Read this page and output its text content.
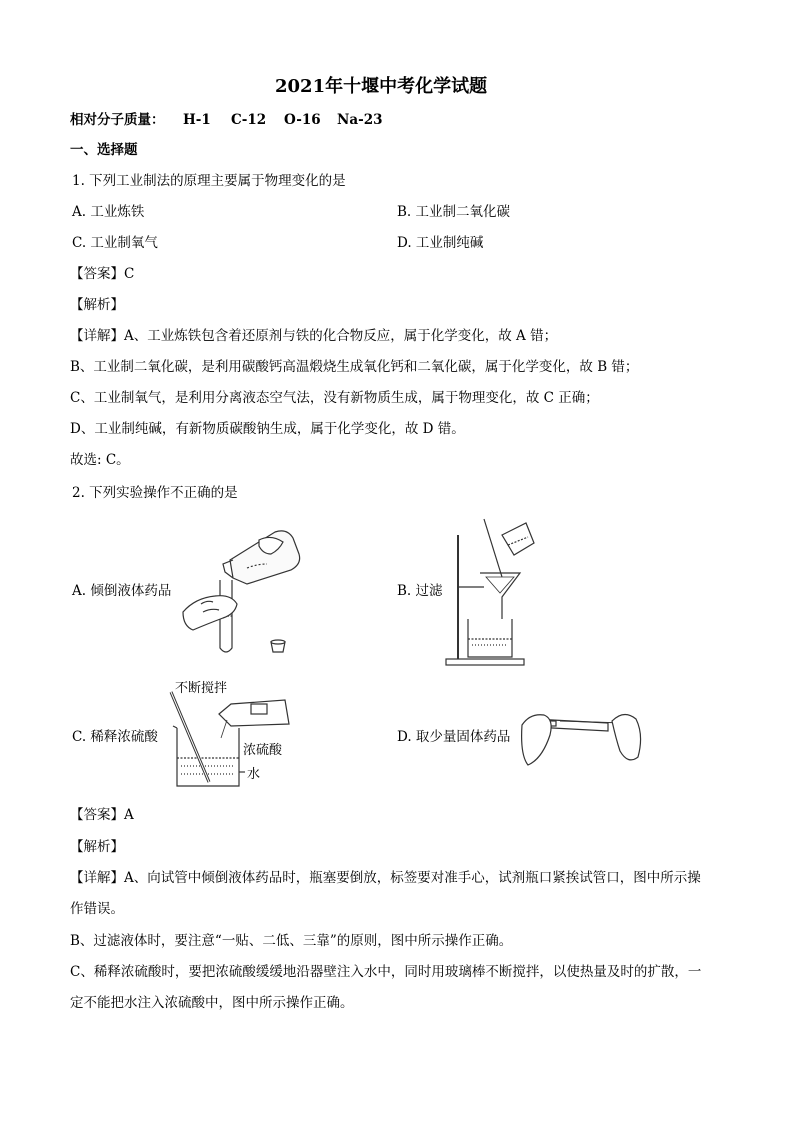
2021年十堰中考化学试题
相对分子质量： H-1 C-12 O-16 Na-23
一、选择题
1. 下列工业制法的原理主要属于物理变化的是
A. 工业炼铁	B. 工业制二氧化碳
C. 工业制氧气	D. 工业制纯碱
【答案】C
【解析】
【详解】A、工业炼铁包含着还原剂与铁的化合物反应，属于化学变化，故 A 错；
B、工业制二氧化碳，是利用碳酸钙高温煅烧生成氧化钙和二氧化碳，属于化学变化，故 B 错；
C、工业制氧气，是利用分离液态空气法，没有新物质生成，属于物理变化，故 C 正确；
D、工业制纯碱，有新物质碳酸钠生成，属于化学变化，故 D 错。
故选: C。
2. 下列实验操作不正确的是
A. 倾倒液体药品	B. 过滤
C. 稀释浓硫酸	D. 取少量固体药品
不断搅拌
浓硫酸
水
【答案】A
【解析】
【详解】A、向试管中倾倒液体药品时，瓶塞要倒放，标签要对准手心，试剂瓶口紧挨试管口，图中所示操
作错误。
B、过滤液体时，要注意“一贴、二低、三靠”的原则，图中所示操作正确。
C、稀释浓硫酸时，要把浓硫酸缓缓地沿器壁注入水中，同时用玻璃棒不断搅拌，以使热量及时的扩散，一
定不能把水注入浓硫酸中，图中所示操作正确。
